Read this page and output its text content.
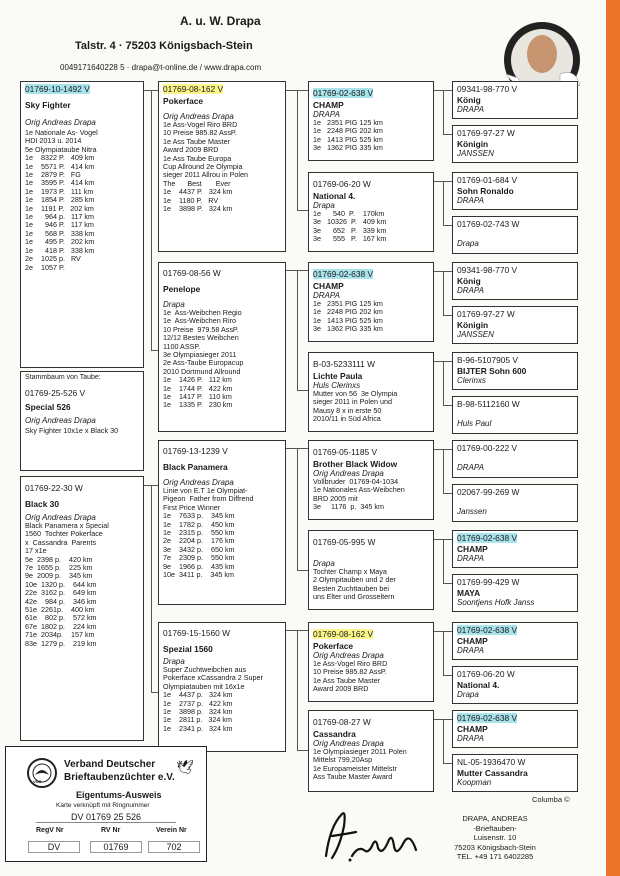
A. u. W. Drapa
Talstr. 4 · 75203 Königsbach-Stein
0049171640228 5 · drapa@t-online.de / www.drapa.com
01769-10-1492 V
Sky Fighter
Orig Andreas Drapa
1e Nationale As- Vogel
HDI 2013 u. 2014
5e Olympiataube Nitra
1e    8322 P.   409 km
1e    5571 P.   414 km
1e    2879 P.   FG
1e    3595 P.   414 km
1e    1973 P.   111 km
1e    1854 P.   285 km
1e    1191 P.   202 km
1e      964 p.   117 km
1e      946 P.   117 km
1e      568 P.   338 km
1e      495 P.   202 km
1e      418 P.   338 km
2e    1025 p.   RV
2e    1057 P.
Stammbaum von Taube:
01769-25-526 V
Special 526
Orig Andreas Drapa
Sky Fighter 10x1e x Black 30
01769-22-30 W
Black 30
Orig Andreas Drapa
Black Panamera x Special
1560  Tochter Pokerface
x  Cassandra  Parents
17 x1e
5e  2398 p.    420 km
7e  1655 p.    225 km
9e  2009 p.    345 km
10e  1320 p.    644 km
22e  3162 p.    649 km
42e    984 p.    346 km
51e  2261p.    400 km
61e    802 p.    572 km
67e  1802 p.    224 km
71e  2034p.    157 km
83e  1279 p.    219 km
01769-08-162 V
Pokerface
Orig Andreas Drapa
1e Ass-Vogel Riro BRD
10 Preise 985.82 AssP.
1e Ass Taube Master
Award 2009 BRD
1e Ass Taube Europa
Cup Allround 2e Olympia
sieger 2011 Allrou in Polen
The      Best       Ever
1e    4437 P.   324 km
1e    1180 P.   RV
1e    3898 P.   324 km
01769-08-56 W
Penelope
Drapa
1e  Ass-Weibchen Regio
1e  Ass-Weibchen Riro
10 Preise  979.58 AssP.
12/12 Bestes Weibchen
1100 ASSP.
3e Olympiasieger 2011
2e Ass-Taube Europacup
2010 Dortmund Allround
1e    1426 P.   112 km
1e    1744 P.   422 km
1e    1417 P.   110 km
1e    1335 P.   230 km
01769-13-1239 V
Black Panamera
Orig Andreas Drapa
Linie von E.T 1e Olympiat-
Pigeon  Father from Diffrend
First Price Winner
1e    7633 p.    345 km
1e    1782 p.    450 km
1e    2315 p.    550 km
2e    2204 p.    176 km
3e    3432 p.    650 km
7e    2309 p.    550 km
9e    1966 p.    435 km
10e  3411 p.    345 km
01769-15-1560 W
Spezial 1560
Drapa
Super Zuchtweibchen aus
Pokerface xCassandra 2 Super
Olympiatauben mit 16x1e
1e    4437 p.   324 km
1e    2737 p.   422 km
1e    3898 p.   324 km
1e    2811 p.   324 km
1e    2341 p.   324 km
01769-02-638 V
CHAMP
DRAPA
1e   2351 PIG 125 km
1e   2248 PIG 202 km
1e   1413 PIG 525 km
3e   1362 PIG 335 km
01769-06-20 W
National 4.
Drapa
1e      540  P.    170km
3e   10326  P.   409 km
3e      652   P.   339 km
3e      555   P.   167 km
01769-02-638 V
CHAMP
DRAPA
1e   2351 PIG 125 km
1e   2248 PIG 202 km
1e   1413 PIG 525 km
3e   1362 PIG 335 km
B-03-5233111 W
Lichte Paula
Huls Clerinxs
Mutter von 56  3e Olympia
sieger 2011 in Polen und
Mausy 8 x in erste 50
2010/11 in Süd Africa
01769-05-1185 V
Brother Black Widow
Orig Andreas Drapa
Vollbruder  01769-04-1034
1e Nationales Ass-Weibchen
BRD 2005 mit
3e     1176  p.  345 km
01769-05-995 W
Drapa
Tochter Champ x Maya
2 Olympitauben und 2 der
Besten Zuchttauben bei
uns Elter und Grosseltern
01769-08-162 V
Pokerface
Orig Andreas Drapa
1e Ass-Vogel Riro BRD
10 Preise 985.82 AssP.
1e Ass Taube Master
Award 2009 BRD
01769-08-27 W
Cassandra
Orig Andreas Drapa
1e Olympiasieger 2011 Polen
Mittelst 799,20Asp
1e Europameister Mittelstr
Ass Taube Master Award
09341-98-770 V
König
DRAPA
01769-97-27 W
Königin
JANSSEN
01769-01-684 V
Sohn Ronaldo
DRAPA
01769-02-743 W
Drapa
09341-98-770 V
König
DRAPA
01769-97-27 W
Königin
JANSSEN
B-96-5107905 V
BIJTER Sohn 600
Clerinxs
B-98-5112160 W
Huls Paul
01769-00-222 V
DRAPA
02067-99-269 W
Janssen
01769-02-638 V
CHAMP
DRAPA
01769-99-429 W
MAYA
Soontjens Hofk Janss
01769-02-638 V
CHAMP
DRAPA
01769-06-20 W
National 4.
Drapa
01769-02-638 V
CHAMP
DRAPA
NL-05-1936470 W
Mutter Cassandra
Koopman
Columba ©
DRAPA, ANDREAS
-Brieftauben-
Luisenstr. 10
75203 Königsbach-Stein
TEL. +49 171 6402285
VDB
Verband Deutscher
Brieftaubenzüchter e.V.
🕊
Eigentums-Ausweis
Karte verknüpft mit Ringnummer
DV 01769 25 526
RegV Nr	RV Nr	Verein Nr
DV	01769	702
